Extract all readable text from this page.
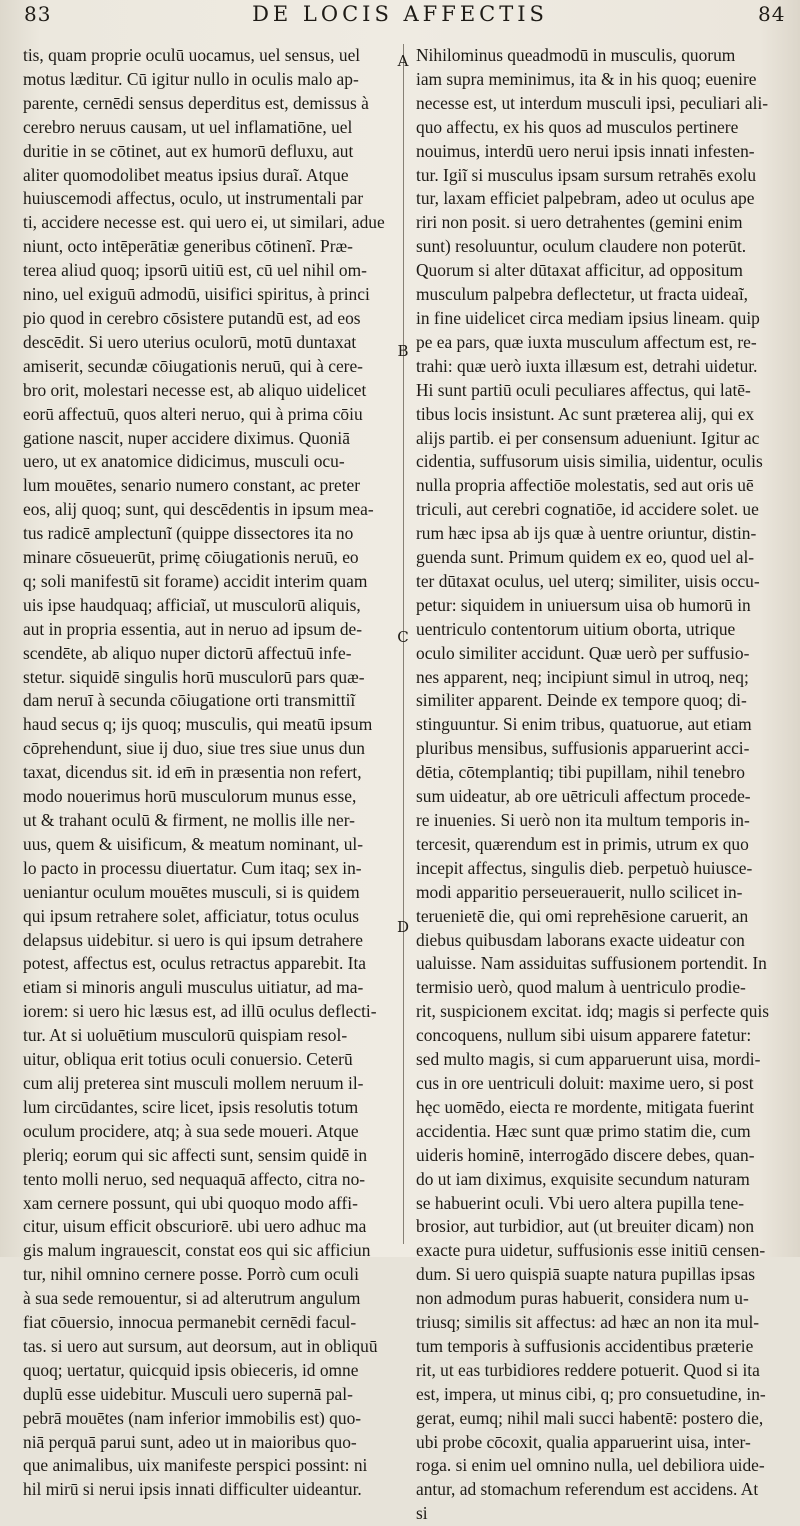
83	DE LOCIS AFFECTIS	84
tis, quam proprie oculū uocamus, uel sensus, uel
motus læditur. Cū igitur nullo in oculis malo ap-
parente, cernēdi sensus deperditus est, demissus à
cerebro neruus causam, ut uel inflamatiōne, uel
duritie in se cōtinet, aut ex humorū defluxu, aut
aliter quomodolibet meatus ipsius duraĩ. Atque
huiuscemodi affectus, oculo, ut instrumentali par
ti, accidere necesse est. qui uero ei, ut similari, adue
niunt, octo intēperātiæ generibus cōtinenĩ. Præ-
terea aliud quoq; ipsorū uitiū est, cū uel nihil om-
nino, uel exiguū admodū, uisifici spiritus, à princi
pio quod in cerebro cōsistere putandū est, ad eos
descēdit. Si uero uterius oculorū, motū duntaxat
amiserit, secundæ cōiugationis neruū, qui à cere-
bro orit, molestari necesse est, ab aliquo uidelicet
eorū affectuū, quos alteri neruo, qui à prima cōiu
gatione nascit, nuper accidere diximus. Quoniā
uero, ut ex anatomice didicimus, musculi ocu-
lum mouētes, senario numero constant, ac preter
eos, alij quoq; sunt, qui descēdentis in ipsum mea-
tus radicē amplectunĩ (quippe dissectores ita no
minare cōsueuerūt, primę cōiugationis neruū, eo
q; soli manifestū sit forame) accidit interim quam
uis ipse haudquaq; afficiaĩ, ut musculorū aliquis,
aut in propria essentia, aut in neruo ad ipsum de-
scendēte, ab aliquo nuper dictorū affectuū infe-
stetur. siquidē singulis horū musculorū pars quæ-
dam neruī à secunda cōiugatione orti transmittiĩ
haud secus q; ijs quoq; musculis, qui meatū ipsum
cōprehendunt, siue ij duo, siue tres siue unus dun
taxat, dicendus sit. id em̄ in præsentia non refert,
modo nouerimus horū musculorum munus esse,
ut & trahant oculū & firment, ne mollis ille ner-
uus, quem & uisificum, & meatum nominant, ul-
lo pacto in processu diuertatur. Cum itaq; sex in-
ueniantur oculum mouētes musculi, si is quidem
qui ipsum retrahere solet, afficiatur, totus oculus
delapsus uidebitur. si uero is qui ipsum detrahere
potest, affectus est, oculus retractus apparebit. Ita
etiam si minoris anguli musculus uitiatur, ad ma-
iorem: si uero hic læsus est, ad illū oculus deflecti-
tur. At si uoluētium musculorū quispiam resol-
uitur, obliqua erit totius oculi conuersio. Ceterū
cum alij preterea sint musculi mollem neruum il-
lum circūdantes, scire licet, ipsis resolutis totum
oculum procidere, atq; à sua sede moueri. Atque
pleriq; eorum qui sic affecti sunt, sensim quidē in
tento molli neruo, sed nequaquā affecto, citra no-
xam cernere possunt, qui ubi quoquo modo affi-
citur, uisum efficit obscuriorē. ubi uero adhuc ma
gis malum ingrauescit, constat eos qui sic afficiun
tur, nihil omnino cernere posse. Porrò cum oculi
à sua sede remouentur, si ad alterutrum angulum
fiat cōuersio, innocua permanebit cernēdi facul-
tas. si uero aut sursum, aut deorsum, aut in obliquū
quoq; uertatur, quicquid ipsis obieceris, id omne
duplū esse uidebitur. Musculi uero supernā pal-
pebrā mouētes (nam inferior immobilis est) quo-
niā perquā parui sunt, adeo ut in maioribus quo-
que animalibus, uix manifeste perspici possint: ni
hil mirū si nerui ipsis innati difficulter uideantur.
A
B
C
D
Nihilominus queadmodū in musculis, quorum
iam supra meminimus, ita & in his quoq; euenire
necesse est, ut interdum musculi ipsi, peculiari ali-
quo affectu, ex his quos ad musculos pertinere
nouimus, interdū uero nerui ipsis innati infesten-
tur. Igiĩ si musculus ipsam sursum retrahēs exolu
tur, laxam efficiet palpebram, adeo ut oculus ape
riri non posit. si uero detrahentes (gemini enim
sunt) resoluuntur, oculum claudere non poterūt.
Quorum si alter dūtaxat afficitur, ad oppositum
musculum palpebra deflectetur, ut fracta uideaĩ,
in fine uidelicet circa mediam ipsius lineam. quip
pe ea pars, quæ iuxta musculum affectum est, re-
trahi: quæ uerò iuxta illæsum est, detrahi uidetur.
Hi sunt partiū oculi peculiares affectus, qui latē-
tibus locis insistunt. Ac sunt præterea alij, qui ex
alijs partib. ei per consensum adueniunt. Igitur ac
cidentia, suffusorum uisis similia, uidentur, oculis
nulla propria affectiōe molestatis, sed aut oris uē
triculi, aut cerebri cognatiōe, id accidere solet. ue
rum hæc ipsa ab ijs quæ à uentre oriuntur, distin-
guenda sunt. Primum quidem ex eo, quod uel al-
ter dūtaxat oculus, uel uterq; similiter, uisis occu-
petur: siquidem in uniuersum uisa ob humorū in
uentriculo contentorum uitium oborta, utrique
oculo similiter accidunt. Quæ uerò per suffusio-
nes apparent, neq; incipiunt simul in utroq, neq;
similiter apparent. Deinde ex tempore quoq; di-
stinguuntur. Si enim tribus, quatuorue, aut etiam
pluribus mensibus, suffusionis apparuerint acci-
dētia, cōtemplantiq; tibi pupillam, nihil tenebro
sum uideatur, ab ore uētriculi affectum procede-
re inuenies. Si uerò non ita multum temporis in-
tercesit, quærendum est in primis, utrum ex quo
incepit affectus, singulis dieb. perpetuò huiusce-
modi apparitio perseuerauerit, nullo scilicet in-
teruenietē die, qui omi reprehēsione caruerit, an
diebus quibusdam laborans exacte uideatur con
ualuisse. Nam assiduitas suffusionem portendit. In
termisio uerò, quod malum à uentriculo prodie-
rit, suspicionem excitat. idq; magis si perfecte quis
concoquens, nullum sibi uisum apparere fatetur:
sed multo magis, si cum apparuerunt uisa, mordi-
cus in ore uentriculi doluit: maxime uero, si post
hęc uomēdo, eiecta re mordente, mitigata fuerint
accidentia. Hæc sunt quæ primo statim die, cum
uideris hominē, interrogādo discere debes, quan-
do ut iam diximus, exquisite secundum naturam
se habuerint oculi. Vbi uero altera pupilla tene-
brosior, aut turbidior, aut (ut breuiter dicam) non
exacte pura uidetur, suffusionis esse initiū censen-
dum. Si uero quispiā suapte natura pupillas ipsas
non admodum puras habuerit, considera num u-
triusq; similis sit affectus: ad hæc an non ita mul-
tum temporis à suffusionis accidentibus præterie
rit, ut eas turbidiores reddere potuerit. Quod si ita
est, impera, ut minus cibi, q; pro consuetudine, in-
gerat, eumq; nihil mali succi habentē: postero die,
ubi probe cōcoxit, qualia apparuerint uisa, inter-
roga. si enim uel omnino nulla, uel debiliora uide-
antur, ad stomachum referendum est accidens. At
si
